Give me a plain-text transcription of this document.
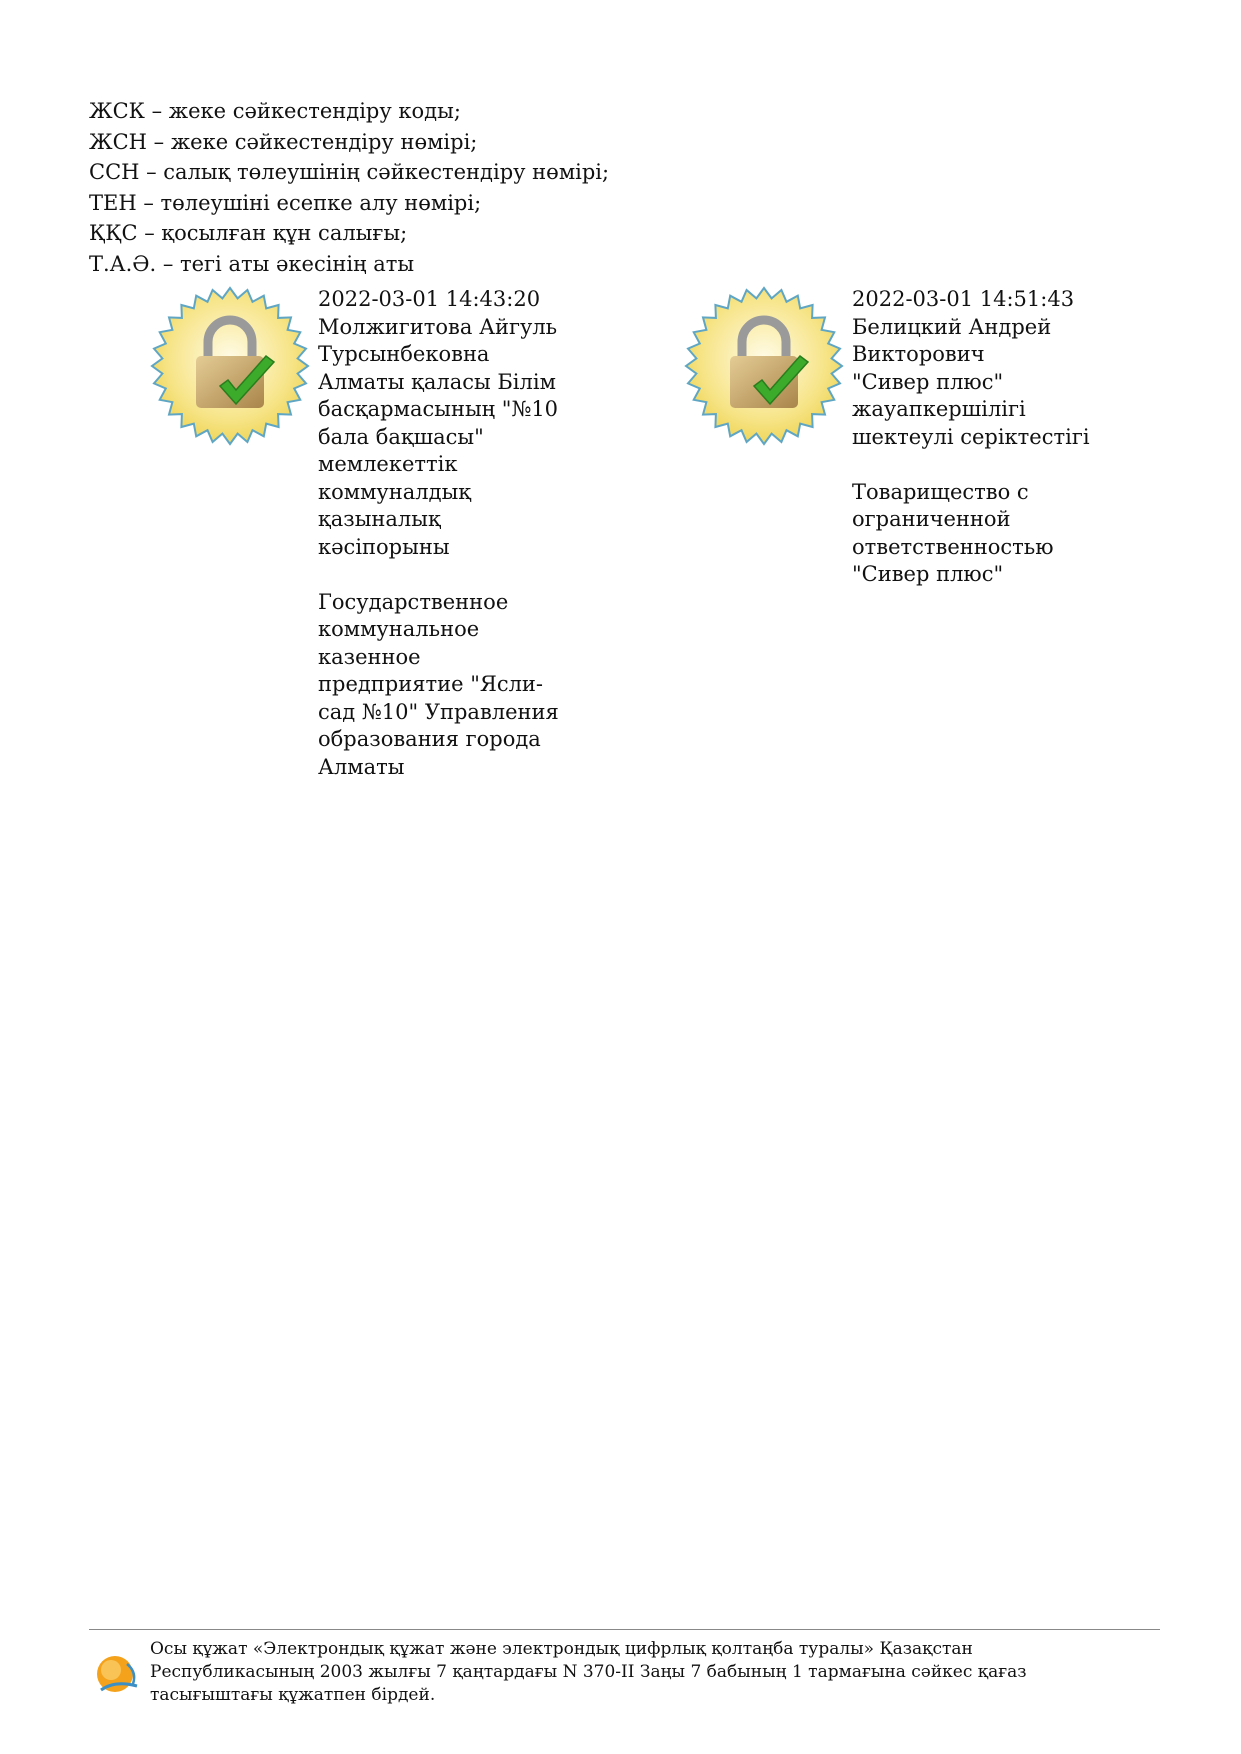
ЖСК – жеке сәйкестендіру коды;
ЖСН – жеке сәйкестендіру нөмірі;
ССН – салық төлеушінің сәйкестендіру нөмірі;
ТЕН – төлеушіні есепке алу нөмірі;
ҚҚС – қосылған құн салығы;
Т.А.Ә. – тегі аты әкесінің аты
2022-03-01 14:43:20
Молжигитова Айгуль
Турсынбековна
Алматы қаласы Білім
басқармасының "№10
бала бақшасы"
мемлекеттік
коммуналдық
қазыналық
кәсіпорыны
Государственное
коммунальное
казенное
предприятие "Ясли-
сад №10" Управления
образования города
Алматы
2022-03-01 14:51:43
Белицкий Андрей
Викторович
"Сивер плюс"
жауапкершілігі
шектеулі серіктестігі
Товарищество с
ограниченной
ответственностью
"Сивер плюс"
Осы құжат «Электрондық құжат және электрондық цифрлық қолтаңба туралы» Қазақстан
Республикасының 2003 жылғы 7 қаңтардағы N 370-II Заңы 7 бабының 1 тармағына сәйкес қағаз
тасығыштағы құжатпен бірдей.
